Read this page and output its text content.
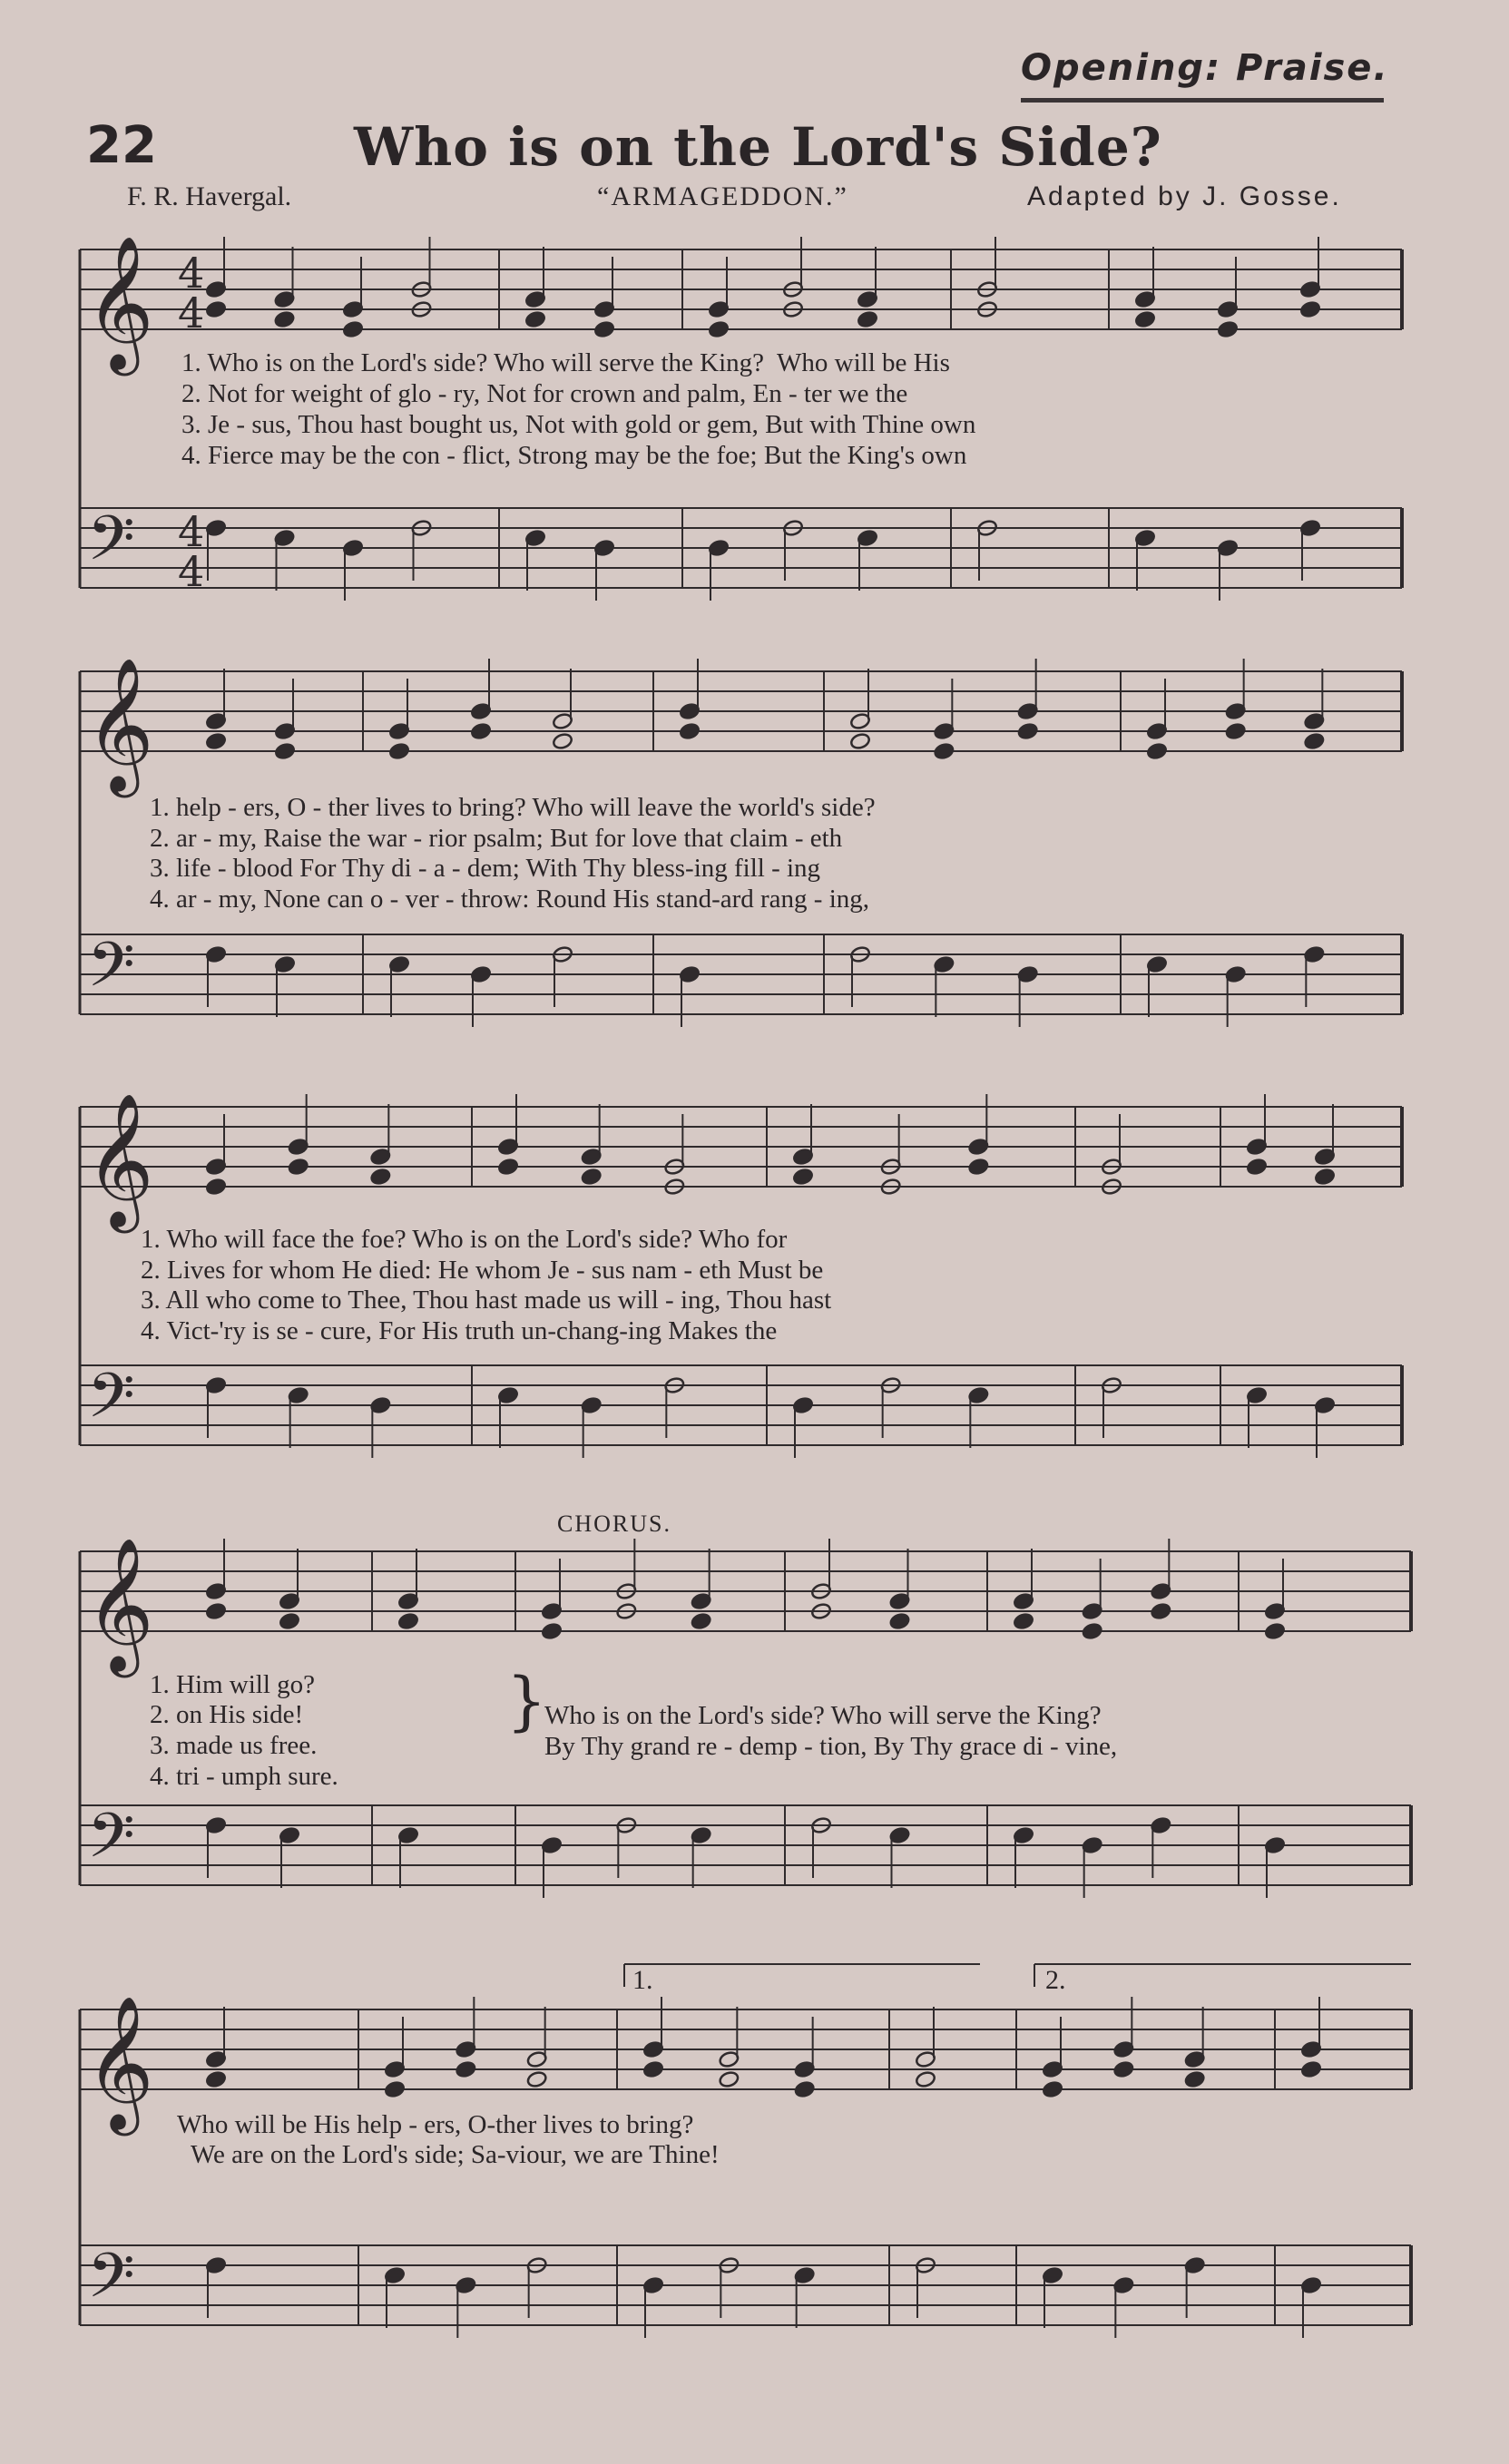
Opening: Praise.
22	Who is on the Lord's Side?
F. R. Havergal.	“ARMAGEDDON.”	Adapted by J. Gosse.
𝄞
𝄢
𝄞
𝄢
𝄞
𝄢
𝄞
𝄢
𝄞
𝄢
4
4
4
4
1. Who is on the Lord's side? Who will serve the King?  Who will be His
2. Not for weight of glo - ry, Not for crown and palm, En - ter we the
3. Je - sus, Thou hast bought us, Not with gold or gem, But with Thine own
4. Fierce may be the con - flict, Strong may be the foe; But the King's own
1. help - ers, O - ther lives to bring? Who will leave the world's side?
2. ar - my, Raise the war - rior psalm; But for love that claim - eth
3. life - blood For Thy di - a - dem; With Thy bless-ing fill - ing
4. ar - my, None can o - ver - throw: Round His stand-ard rang - ing,
1. Who will face the foe? Who is on the Lord's side? Who for
2. Lives for whom He died: He whom Je - sus nam - eth Must be
3. All who come to Thee, Thou hast made us will - ing, Thou hast
4. Vict-'ry is se - cure, For His truth un-chang-ing Makes the
CHORUS.
1. Him will go?
2. on His side!
3. made us free.
4. tri - umph sure.
}
Who is on the Lord's side? Who will serve the King?
By Thy grand re - demp - tion, By Thy grace di - vine,
1.	2.
Who will be His help - ers, O-ther lives to bring?
We are on the Lord's side; Sa-viour, we are Thine!
